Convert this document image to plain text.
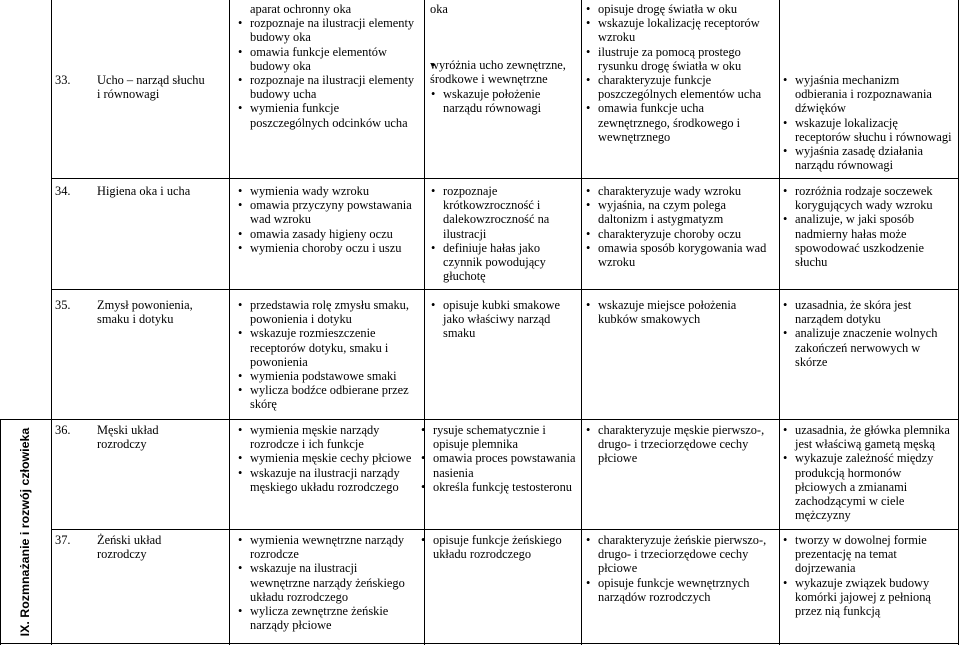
IX. Rozmnażanie i rozwój człowieka
33. Ucho – narząd słuchu i równowagi
aparat ochronny oka
• rozpoznaje na ilustracji elementy budowy oka
• omawia funkcje elementów budowy oka
• rozpoznaje na ilustracji elementy budowy ucha
• wymienia funkcje poszczególnych odcinków ucha
oka
• wyróżnia ucho zewnętrzne, środkowe i wewnętrzne
• wskazuje położenie narządu równowagi
• opisuje drogę światła w oku
• wskazuje lokalizację receptorów wzroku
• ilustruje za pomocą prostego rysunku drogę światła w oku
• charakteryzuje funkcje poszczególnych elementów ucha
• omawia funkcje ucha zewnętrznego, środkowego i wewnętrznego
• wyjaśnia mechanizm odbierania i rozpoznawania dźwięków
• wskazuje lokalizację receptorów słuchu i równowagi
• wyjaśnia zasadę działania narządu równowagi
34. Higiena oka i ucha
•	wymienia wady wzroku
• omawia przyczyny powstawania wad wzroku
• omawia zasady higieny oczu
• wymienia choroby oczu i uszu
• rozpoznaje krótkowzroczność i dalekowzroczność na ilustracji
• definiuje hałas jako czynnik powodujący głuchotę
• charakteryzuje wady wzroku
• wyjaśnia, na czym polega daltonizm i astygmatyzm
• charakteryzuje choroby oczu
• omawia sposób korygowania wad wzroku
• rozróżnia rodzaje soczewek korygujących wady wzroku
• analizuje, w jaki sposób nadmierny hałas może spowodować uszkodzenie słuchu
35. Zmysł powonienia, smaku i dotyku
• przedstawia rolę zmysłu smaku, powonienia i dotyku
• wskazuje rozmieszczenie receptorów dotyku, smaku i powonienia
• wymienia podstawowe smaki
• wylicza bodźce odbierane przez skórę
• opisuje kubki smakowe jako właściwy narząd smaku
• wskazuje miejsce położenia kubków smakowych
• uzasadnia, że skóra jest narządem dotyku
• analizuje znaczenie wolnych zakończeń nerwowych w skórze
36. Męski układ rozrodczy
• wymienia męskie narządy rozrodcze i ich funkcje
• wymienia męskie cechy płciowe
• wskazuje na ilustracji narządy męskiego układu rozrodczego
• rysuje schematycznie i opisuje plemnika
• omawia proces powstawania nasienia
• określa funkcję testosteronu
• charakteryzuje męskie pierwszo-, drugo- i trzeciorzędowe cechy płciowe
• uzasadnia, że główka plemnika jest właściwą gametą męską
• wykazuje zależność między produkcją hormonów płciowych a zmianami zachodzącymi w ciele mężczyzny
37. Żeński układ rozrodczy
• wymienia wewnętrzne narządy rozrodcze
• wskazuje na ilustracji wewnętrzne narządy żeńskiego układu rozrodczego
• wylicza zewnętrzne żeńskie narządy płciowe
• opisuje funkcje żeńskiego układu rozrodczego
• charakteryzuje żeńskie pierwszo-, drugo- i trzeciorzędowe cechy płciowe
• opisuje funkcje wewnętrznych narządów rozrodczych
• tworzy w dowolnej formie prezentację na temat dojrzewania
• wykazuje związek budowy komórki jajowej z pełnioną przez nią funkcją
